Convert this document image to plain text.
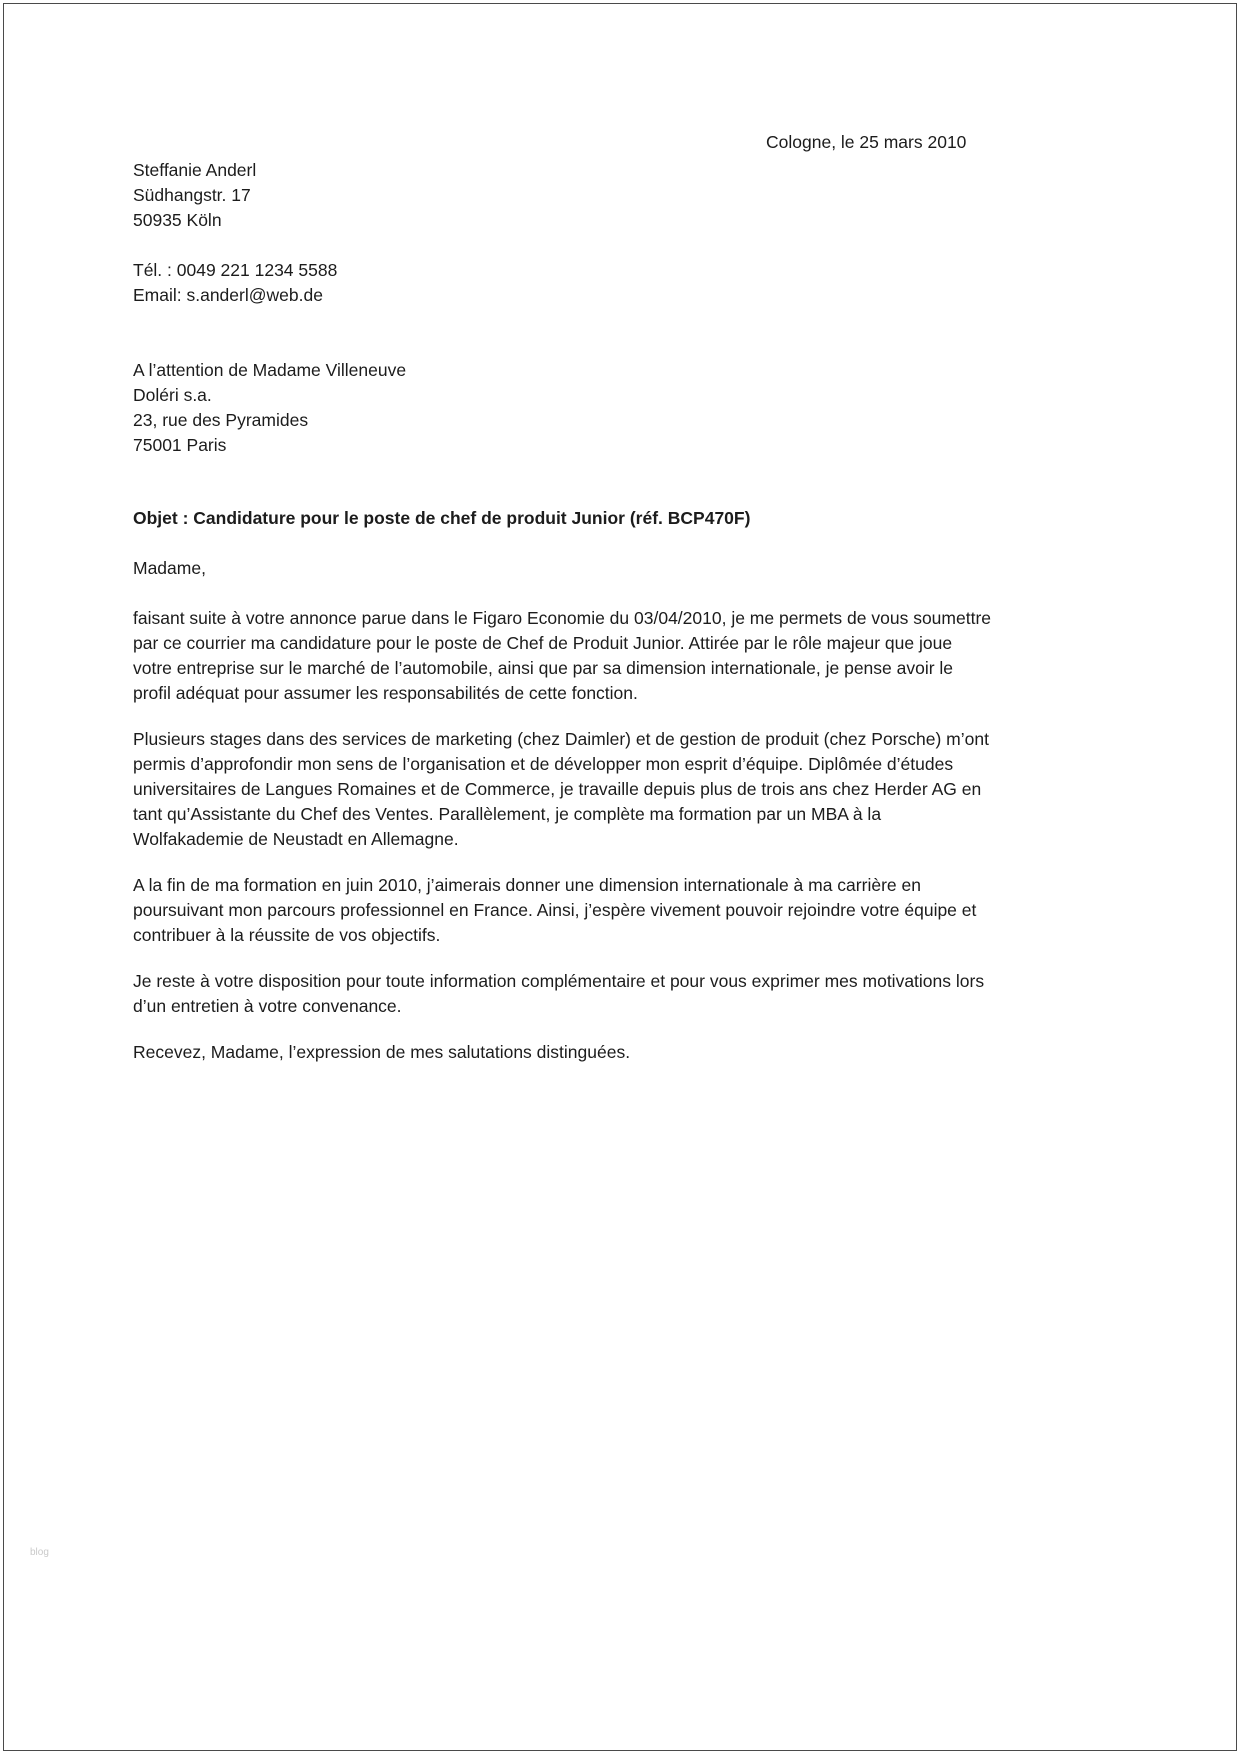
Cologne, le 25 mars 2010
Steffanie Anderl
Südhangstr. 17
50935 Köln
Tél. : 0049 221 1234 5588
Email: s.anderl@web.de
A l’attention de Madame Villeneuve
Doléri s.a.
23, rue des Pyramides
75001 Paris
Objet : Candidature pour le poste de chef de produit Junior (réf. BCP470F)
Madame,

faisant suite à votre annonce parue dans le Figaro Economie du 03/04/2010, je me permets de vous soumettre par ce courrier ma candidature pour le poste de Chef de Produit Junior. Attirée par le rôle majeur que joue votre entreprise sur le marché de l’automobile, ainsi que par sa dimension internationale, je pense avoir le profil adéquat pour assumer les responsabilités de cette fonction.

Plusieurs stages dans des services de marketing (chez Daimler) et de gestion de produit (chez Porsche) m’ont permis d’approfondir mon sens de l’organisation et de développer mon esprit d’équipe. Diplômée d’études universitaires de Langues Romaines et de Commerce, je travaille depuis plus de trois ans chez Herder AG en tant qu’Assistante du Chef des Ventes. Parallèlement, je complète ma formation par un MBA à la Wolfakademie de Neustadt en Allemagne.

A la fin de ma formation en juin 2010, j’aimerais donner une dimension internationale à ma carrière en poursuivant mon parcours professionnel en France. Ainsi, j’espère vivement pouvoir rejoindre votre équipe et contribuer à la réussite de vos objectifs.

Je reste à votre disposition pour toute information complémentaire et pour vous exprimer mes motivations lors d’un entretien à votre convenance.

Recevez, Madame, l’expression de mes salutations distinguées.
blog
